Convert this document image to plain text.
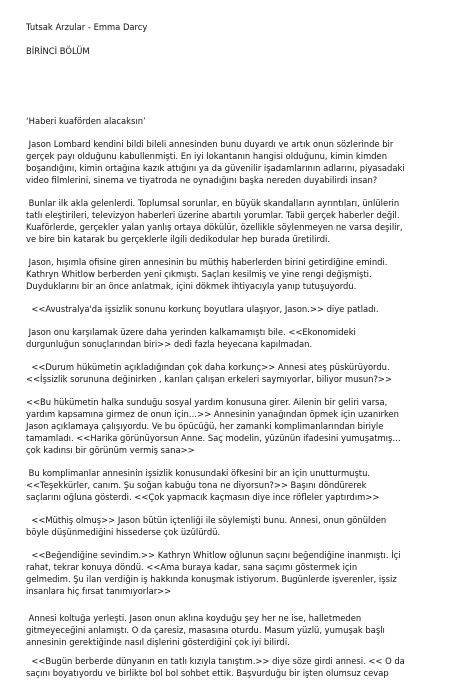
Tutsak Arzular - Emma Darcy
BİRİNCİ BÖLÜM
‘Haberi kuaförden alacaksın’
Jason Lombard kendini bildi bileli annesinden bunu duyardı ve artık onun sözlerinde bir
gerçek payı olduğunu kabullenmişti. En iyi lokantanın hangisi olduğunu, kimin kimden
boşandığını, kimin ortağına kazık attığını ya da güvenilir işadamlarının adlarını, piyasadaki
video filmlerini, sinema ve tiyatroda ne oynadığını başka nereden duyabilirdi insan?
Bunlar ilk akla gelenlerdi. Toplumsal sorunlar, en büyük skandalların ayrıntıları, ünlülerin
tatlı eleştirileri, televizyon haberleri üzerine abartılı yorumlar. Tabii gerçek haberler değil.
Kuaförlerde, gerçekler yalan yanlış ortaya dökülür, özellikle söylenmeyen ne varsa deşilir,
ve bire bin katarak bu gerçeklerle ilgili dedikodular hep burada üretilirdi.
Jason, hışımla ofisine giren annesinin bu müthiş haberlerden birini getirdiğine emindi.
Kathryn Whitlow berberden yeni çıkmıştı. Saçları kesilmiş ve yine rengi değişmişti.
Duyduklarını bir an önce anlatmak, içini dökmek ihtiyacıyla yanıp tutuşuyordu.
<<Avustralya'da işsizlik sonunu korkunç boyutlara ulaşıyor, Jason.>> diye patladı.
Jason onu karşılamak üzere daha yerinden kalkamamıştı bile. <<Ekonomideki
durgunluğun sonuçlarından biri>> dedi fazla heyecana kapılmadan.
<<Durum hükümetin açıkladığından çok daha korkunç>> Annesi ateş püskürüyordu.
<<İşsizlik sorununa değinirken , karıları çalışan erkeleri saymıyorlar, biliyor musun?>>
<<Bu hükümetin halka sunduğu sosyal yardım konusuna girer. Ailenin bir geliri varsa,
yardım kapsamına girmez de onun için…>> Annesinin yanağından öpmek için uzanırken
Jason açıklamaya çalışıyordu. Ve bu öpücüğü, her zamanki komplimanlarından biriyle
tamamladı. <<Harika görünüyorsun Anne. Saç modelin, yüzünün ifadesini yumuşatmış…
çok kadınsı bir görünüm vermiş sana>>
Bu komplimanlar annesinin işsizlik konusundaki öfkesini bir an için unutturmuştu.
<<Teşekkürler, canım. Şu soğan kabuğu tona ne diyorsun?>> Başını döndürerek
saçlarını oğluna gösterdi. <<Çok yapmacık kaçmasın diye ince röfleler yaptırdım>>
<<Müthiş olmuş>> Jason bütün içtenliği ile söylemişti bunu. Annesi, onun gönülden
böyle düşünmediğini hissederse çok üzülürdü.
<<Beğendiğine sevindim.>> Kathryn Whitlow oğlunun saçını beğendiğine inanmıştı. İçi
rahat, tekrar konuya döndü. <<Ama buraya kadar, sana saçımı göstermek için
gelmedim. Şu ilan verdiğin iş hakkında konuşmak istiyorum. Bugünlerde işverenler, işsiz
insanlara hiç fırsat tanımıyorlar>>
Annesi koltuğa yerleşti. Jason onun aklına koyduğu şey her ne ise, halletmeden
gitmeyeceğini anlamıştı. O da çaresiz, masasına oturdu. Masum yüzlü, yumuşak başlı
annesinin gerektiğinde nasıl dişlerini gösterdiğini çok iyi bilirdi.
<<Bugün berberde dünyanın en tatlı kızıyla tanıştım.>> diye söze girdi annesi. << O da
saçını boyatıyordu ve birlikte bol bol sohbet ettik. Başvurduğu bir işten olumsuz cevap
